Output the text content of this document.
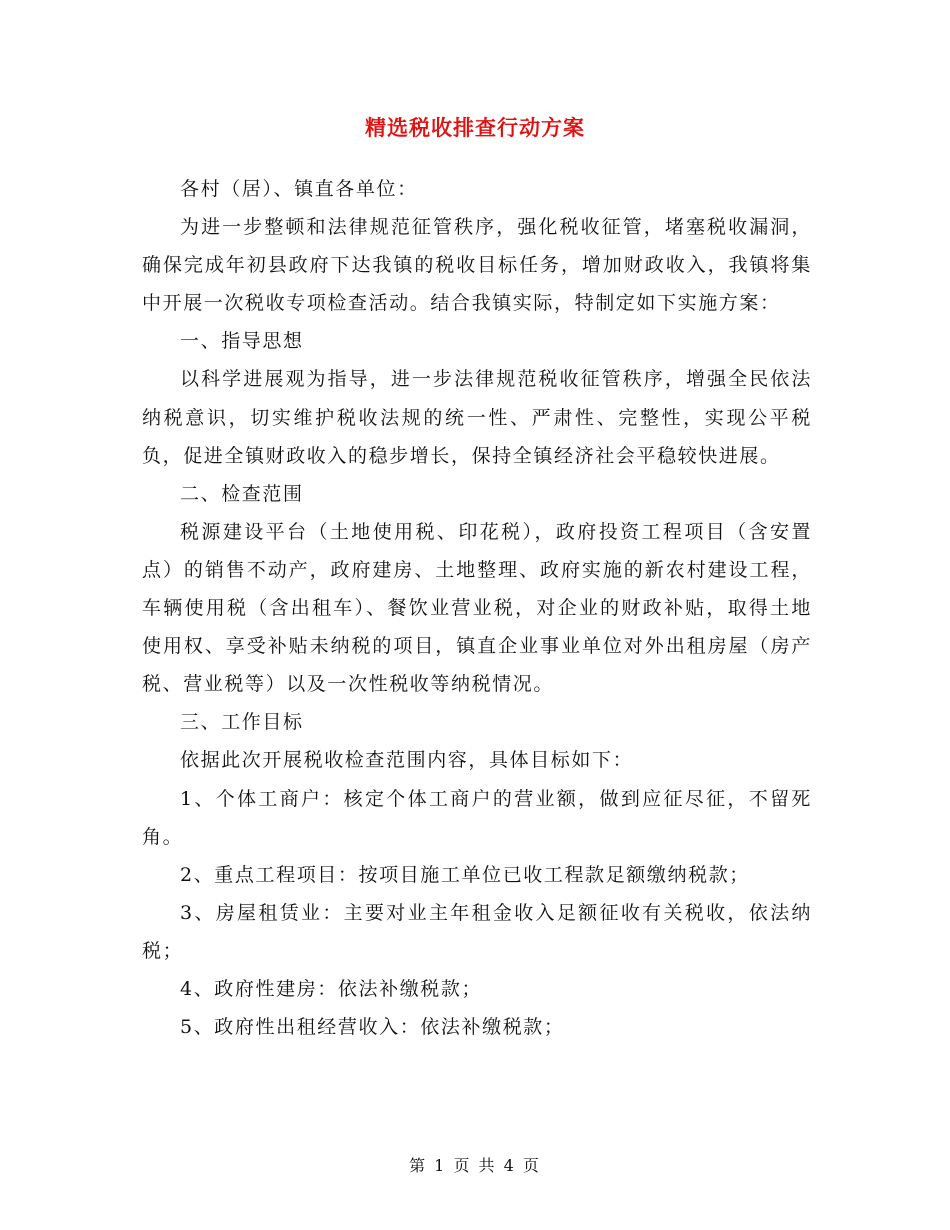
精选税收排查行动方案

各村（居）、镇直各单位：

为进一步整顿和法律规范征管秩序，强化税收征管，堵塞税收漏洞，确保完成年初县政府下达我镇的税收目标任务，增加财政收入，我镇将集中开展一次税收专项检查活动。结合我镇实际，特制定如下实施方案：

一、指导思想

以科学进展观为指导，进一步法律规范税收征管秩序，增强全民依法纳税意识，切实维护税收法规的统一性、严肃性、完整性，实现公平税负，促进全镇财政收入的稳步增长，保持全镇经济社会平稳较快进展。

二、检查范围

税源建设平台（土地使用税、印花税），政府投资工程项目（含安置点）的销售不动产，政府建房、土地整理、政府实施的新农村建设工程，车辆使用税（含出租车）、餐饮业营业税，对企业的财政补贴，取得土地使用权、享受补贴未纳税的项目，镇直企业事业单位对外出租房屋（房产税、营业税等）以及一次性税收等纳税情况。

三、工作目标

依据此次开展税收检查范围内容，具体目标如下：

1、个体工商户：核定个体工商户的营业额，做到应征尽征，不留死角。

2、重点工程项目：按项目施工单位已收工程款足额缴纳税款；

3、房屋租赁业：主要对业主年租金收入足额征收有关税收，依法纳税；

4、政府性建房：依法补缴税款；

5、政府性出租经营收入：依法补缴税款；

第 1 页 共 4 页
